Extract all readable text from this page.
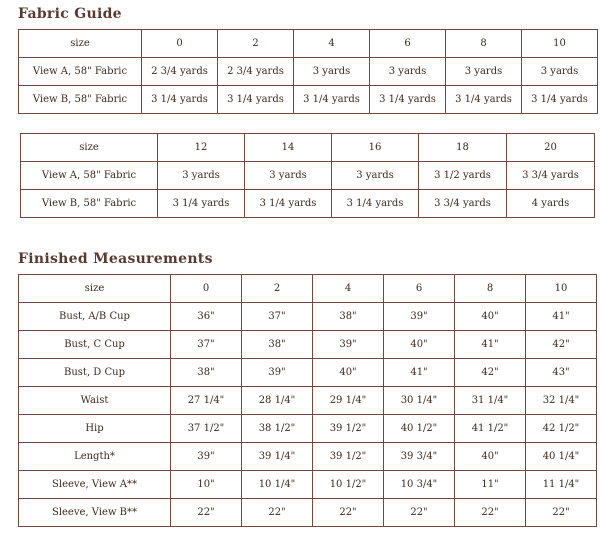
Fabric Guide
size	0	2	4	6	8	10
View A, 58" Fabric	2 3/4 yards	2 3/4 yards	3 yards	3 yards	3 yards	3 yards
View B, 58" Fabric	3 1/4 yards	3 1/4 yards	3 1/4 yards	3 1/4 yards	3 1/4 yards	3 1/4 yards
size	12	14	16	18	20
View A, 58" Fabric	3 yards	3 yards	3 yards	3 1/2 yards	3 3/4 yards
View B, 58" Fabric	3 1/4 yards	3 1/4 yards	3 1/4 yards	3 3/4 yards	4 yards
Finished Measurements
size	0	2	4	6	8	10
Bust, A/B Cup	36"	37"	38"	39"	40"	41"
Bust, C Cup	37"	38"	39"	40"	41"	42"
Bust, D Cup	38"	39"	40"	41"	42"	43"
Waist	27 1/4"	28 1/4"	29 1/4"	30 1/4"	31 1/4"	32 1/4"
Hip	37 1/2"	38 1/2"	39 1/2"	40 1/2"	41 1/2"	42 1/2"
Length*	39"	39 1/4"	39 1/2"	39 3/4"	40"	40 1/4"
Sleeve, View A**	10"	10 1/4"	10 1/2"	10 3/4"	11"	11 1/4"
Sleeve, View B**	22"	22"	22"	22"	22"	22"
